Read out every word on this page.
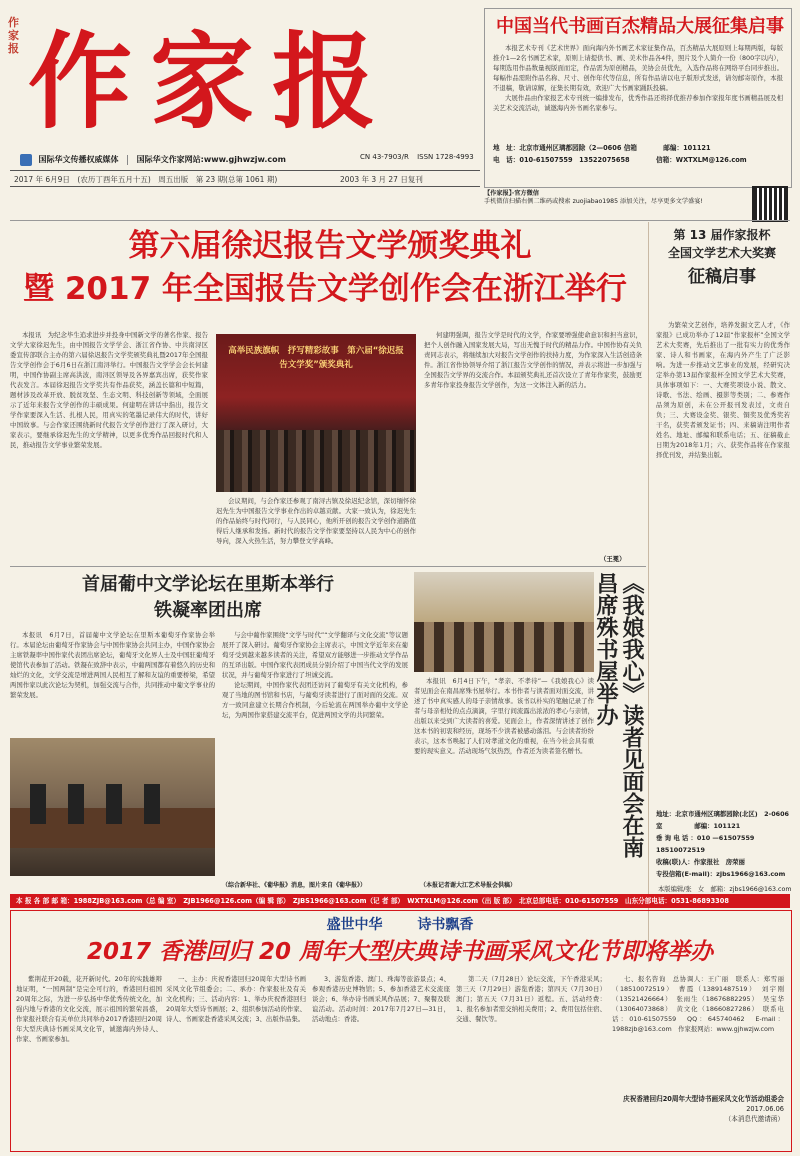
作家报 作家报
国际华文传播权威媒体 国际华文作家网站:www.gjhwzjw.com	CN 43-7903/R ISSN 1728-4993
2017 年 6月9日　(农历丁酉年五月十五)　周五出版　第 23 期(总第 1061 期)	2003 年 3 月 27 日复刊
中国当代书画百杰精品大展征集启事

本报艺术专刊《艺术世界》面向海内外书画艺术家征集作品，百杰精品大展原则上每期两版，每版推介1—2名书画艺术家，原则上请提供书、画、美术作品各4件，照片及个人简介一份（800字以内），每期选用作品数量视版面而定，作品需为原创精品，美协会员优先，入选作品将在网络平台同步推出。每幅作品需附作品名称、尺寸、创作年代等信息，所有作品请以电子版形式发送，请勿邮寄原作，本报不退稿，敬请谅解，征集长期有效，欢迎广大书画家踊跃投稿。

大展作品由作家报艺术专刊统一编排发布，优秀作品还将择优推荐参加作家报年度书画精品展及相关艺术交流活动，诚邀海内外书画名家参与。

地　址：北京市通州区璃都园除（2—0606 信箱　　　　邮编：101121
电　话：010-61507559　13522075658　　　　信箱：WXTXLM@126.com
【作家报】·官方微信
手机微信扫描右侧二维码或搜索 zuojiabao1985 添加关注，尽享更多文学盛宴!
第六届徐迟报告文学颁奖典礼
暨 2017 年全国报告文学创作会在浙江举行

本报讯　为纪念毕生追求进步并投身中国新文学的著名作家、报告文学大家徐迟先生，由中国报告文学学会、浙江省作协、中共南浔区委宣传部联合主办的第六届徐迟报告文学奖颁奖典礼暨2017年全国报告文学创作会于6月6日在浙江南浔举行。中国报告文学学会会长何建明，中国作协副主席高洪波，南浔区领导及各界嘉宾出席，获奖作家代表发言。本届徐迟报告文学奖共有作品获奖，涵盖长篇和中短篇，题材涉及改革开放、脱贫攻坚、生态文明、科技创新等领域，全面展示了近年来报告文学创作的丰硕成果。何建明在讲话中指出，报告文学作家要深入生活、扎根人民，用真实的笔墨记录伟大的时代，讲好中国故事。与会作家还围绕新时代报告文学创作进行了深入研讨，大家表示，要继承徐迟先生的文学精神，以更多优秀作品回报时代和人民，推动报告文学事业繁荣发展。

高举民族旗帜　抒写精彩故事　第六届“徐迟报告文学奖”颁奖典礼

会议期间，与会作家还参观了南浔古镇及徐迟纪念馆，深切缅怀徐迟先生为中国报告文学事业作出的卓越贡献。大家一致认为，徐迟先生的作品始终与时代同行，与人民同心，他所开创的报告文学创作道路值得后人继承和发扬。新时代的报告文学作家要坚持以人民为中心的创作导向，深入火热生活，努力攀登文学高峰。

何建明强调，报告文学是时代的文学，作家要增强使命意识和担当意识，把个人创作融入国家发展大局，写出无愧于时代的精品力作。中国作协有关负责同志表示，将继续加大对报告文学创作的扶持力度，为作家深入生活创造条件。浙江省作协领导介绍了浙江报告文学创作的情况，并表示将进一步加强与全国报告文学界的交流合作。本届颁奖典礼还首次设立了青年作家奖，鼓励更多青年作家投身报告文学创作，为这一文体注入新的活力。

（王冕）
第 13 届作家报杯
全国文学艺术大奖赛
征稿启事

为繁荣文艺创作，培养发掘文艺人才，《作家报》已成功举办了12届“作家报杯”全国文学艺术大奖赛，先后推出了一批有实力的优秀作家、诗人和书画家，在海内外产生了广泛影响。为进一步推动文艺事业的发展，经研究决定举办第13届作家报杯全国文学艺术大奖赛，具体事项如下：一、大赛奖项设小说、散文、诗歌、书法、绘画、摄影等类别；二、参赛作品须为原创，未在公开报刊发表过，文责自负；三、大赛设金奖、银奖、铜奖及优秀奖若干名，获奖者颁发证书；四、来稿请注明作者姓名、地址、邮编和联系电话；五、征稿截止日期为2018年1月；六、获奖作品将在作家报择优刊发，并结集出版。

地址：北京市通州区璃都园除(北区)　2-0606 室　　　　　邮编：101121
垂 询 电 话 ：010 —61507559　18510072519
收稿(联)人：作家报社　房荣丽
专投信箱(E-mail)：zjbs1966@163.com
首届葡中文学论坛在里斯本举行
铁凝率团出席

本报讯　6月7日，首届葡中文学论坛在里斯本葡萄牙作家协会举行。本届论坛由葡萄牙作家协会与中国作家协会共同主办，中国作家协会主席铁凝率中国作家代表团出席论坛，葡萄牙文化界人士及中国驻葡萄牙使馆代表参加了活动。铁凝在致辞中表示，中葡两国都有着悠久的历史和灿烂的文化，文学交流是增进两国人民相互了解和友谊的重要桥梁，希望两国作家以此次论坛为契机，加强交流与合作，共同推动中葡文学事业的繁荣发展。

与会中葡作家围绕“文学与时代”“文学翻译与文化交流”等议题展开了深入研讨。葡萄牙作家协会主席表示，中国文学近年来在葡萄牙受到越来越多读者的关注，希望双方能够进一步推动文学作品的互译出版。中国作家代表团成员分别介绍了中国当代文学的发展状况，并与葡萄牙作家进行了坦诚交流。

论坛期间，中国作家代表团还访问了葡萄牙有关文化机构，参观了当地的图书馆和书店，与葡萄牙读者进行了面对面的交流。双方一致同意建立长期合作机制，今后轮流在两国举办葡中文学论坛，为两国作家搭建交流平台，促进两国文学的共同繁荣。

（综合新华社、《葡华报》消息，图片来自《葡华报》）
《我娘我心》读者见面会在南昌席殊书屋举办

本报讯　6月4日下午，“孝亲、不孝待”—《我娘我心》读者见面会在南昌席殊书屋举行。本书作者与读者面对面交流，讲述了书中真实感人的母子亲情故事。该书以朴实的笔触记录了作者与母亲相处的点点滴滴，字里行间流露出浓浓的孝心与亲情，出版以来受到广大读者的喜爱。见面会上，作者深情讲述了创作这本书的初衷和经历，现场不少读者被感动落泪。与会读者纷纷表示，这本书唤起了人们对孝道文化的重视，在当今社会具有重要的现实意义。活动现场气氛热烈，作者还为读者签名赠书。

（本报记者谢大江艺术导报会供稿）
本版编辑/张　女　邮箱：zjbs1966@163.com
本 报 各 部 邮 箱：1988ZJB@163.com（总 编 室）　ZJB1966@126.com（编 辑 部）　ZJBS1966@163.com（记 者 部）　WXTXLM@126.com（出 版 部）　北京总部电话：010-61507559　山东分部电话：0531-86893308
盛世中华 诗书飘香
2017 香港回归 20 周年大型庆典诗书画采风文化节即将举办

紫荆花开20载，花开新时代。20年的实践雄辩地证明，“一国两制”是完全可行的，香港回归祖国20周年之际，为进一步弘扬中华优秀传统文化，加强内地与香港的文化交流，展示祖国的繁荣昌盛，作家报社联合有关单位共同举办2017香港回归20周年大型庆典诗书画采风文化节，诚邀海内外诗人、作家、书画家参加。

一、主办：庆祝香港回归20周年大型诗书画采风文化节组委会；二、承办：作家报社及有关文化机构；三、活动内容：1、举办庆祝香港回归20周年大型诗书画展；2、组织参加活动的作家、诗人、书画家赴香港采风交流；3、出版作品集。

3、游览香港、澳门、珠海等旅游景点；4、参观香港历史博物馆；5、参加香港艺术交流座谈会；6、举办诗书画采风作品展；7、聚餐及联谊活动。活动时间：2017年7月27日—31日，活动地点：香港。

第二天（7月28日）论坛交流，下午香港采风；第三天（7月29日）游览香港；第四天（7月30日）澳门；第五天（7月31日）返程。五、活动经费：1、报名参加者需交纳相关费用；2、费用包括住宿、交通、餐饮等。

七、报名咨询　总协调人：王广丽　联系人：郑雪丽（18510072519）　曹霞（13891487519）　刘宇刚（13521426664）　张雨生（18676882295）　吴宝华（13064073868）　黄文化（18660827286）　联系电话：010-61507559　QQ：645740462　E-mail：1988zjb@163.com　作家报网站：www.gjhwzjw.com

庆祝香港回归20周年大型诗书画采风文化节活动组委会
2017.06.06
（本消息代邀请函）
